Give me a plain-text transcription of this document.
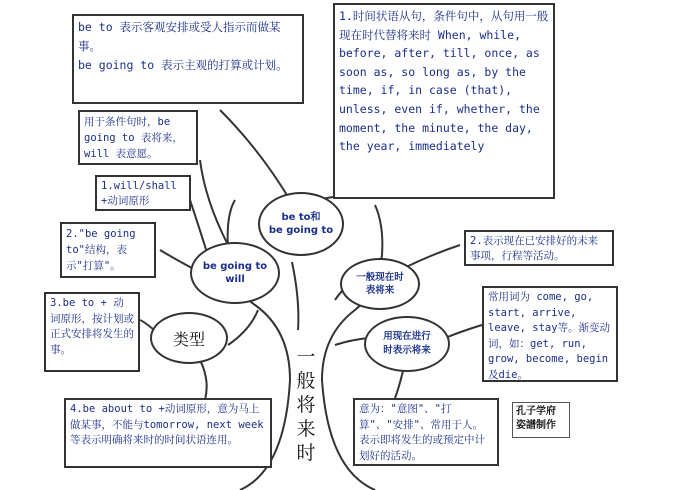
be to 表示客观安排或受人指示而做某事。
be going to 表示主观的打算或计划。
1.时间状语从句，条件句中，从句用一般现在时代替将来时 When, while, before, after, till, once, as soon as, so long as, by the time, if, in case (that), unless, even if, whether, the moment, the minute, the day, the year, immediately
用于条件句时，be going to 表将来，will 表意愿。
1.will/shall +动词原形
2."be going to"结构，表示"打算"。
3.be to + 动词原形，按计划或正式安排将发生的事。
4.be about to +动词原形，意为马上做某事，不能与tomorrow, next week 等表示明确将来时的时间状语连用。
2.表示现在已安排好的未来事项，行程等活动。
常用词为 come, go, start, arrive, leave, stay等。渐变动词，如：get, run, grow, become, begin及die。
意为："意图"、"打算"、"安排"、常用于人。表示即将发生的或预定中计划好的活动。
类型
be going to
will
be to和
be going to
一般现在时
表将来
用现在进行
时表示将来
一般将来时
孔子学府
姿譜制作
